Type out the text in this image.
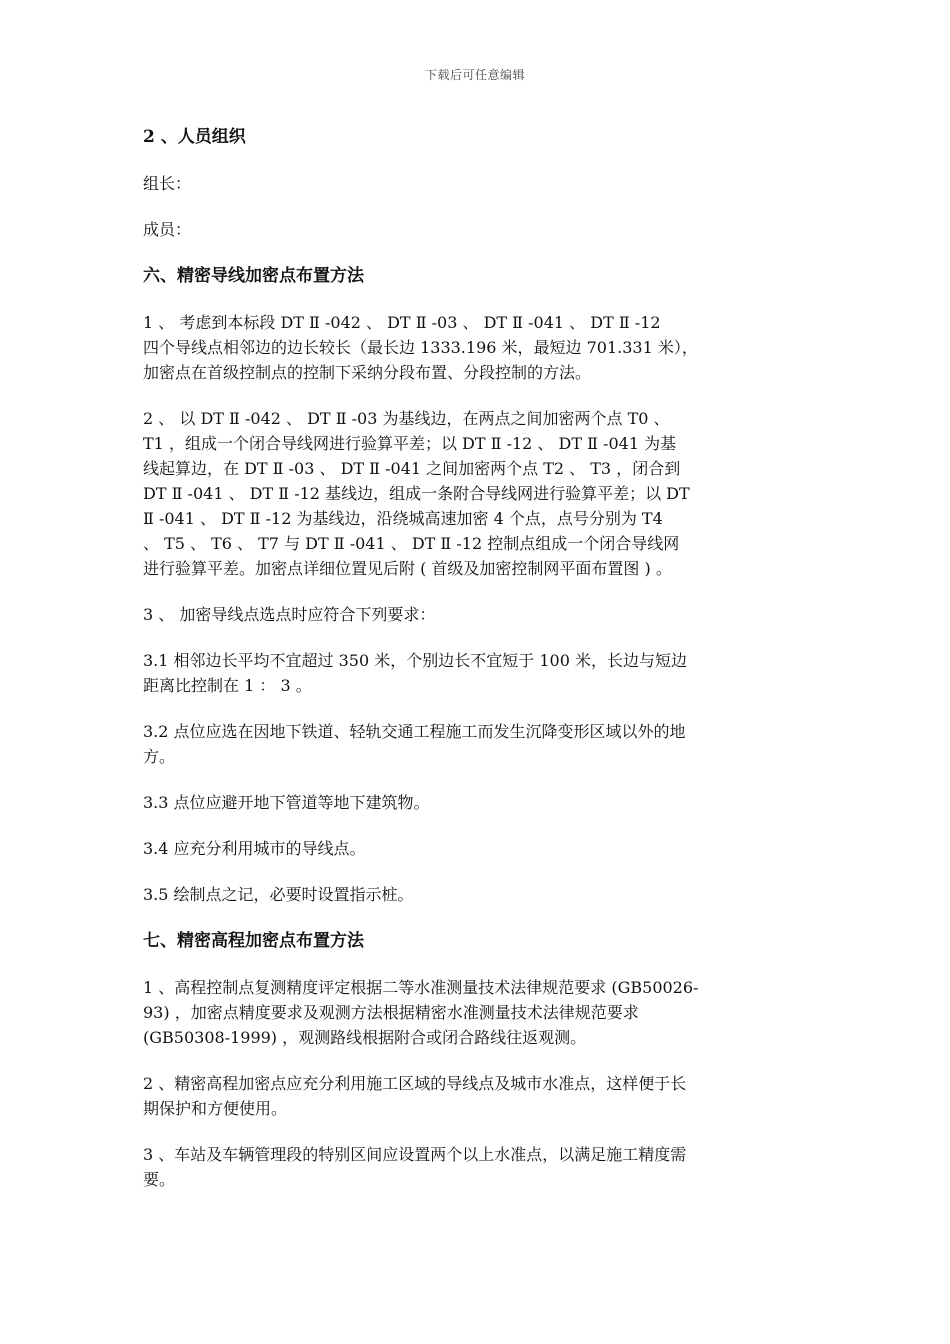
下载后可任意编辑
2 、人员组织
组长：
成员：
六、精密导线加密点布置方法
1 、 考虑到本标段 DT Ⅱ -042 、 DT Ⅱ -03 、 DT Ⅱ -041 、 DT Ⅱ -12
四个导线点相邻边的边长较长（最长边 1333.196 米，最短边 701.331 米），
加密点在首级控制点的控制下采纳分段布置、分段控制的方法。
2 、 以 DT Ⅱ -042 、 DT Ⅱ -03 为基线边，在两点之间加密两个点 T0 、
T1 ，组成一个闭合导线网进行验算平差；以 DT Ⅱ -12 、 DT Ⅱ -041 为基
线起算边，在 DT Ⅱ -03 、 DT Ⅱ -041 之间加密两个点 T2 、 T3 ，闭合到
DT Ⅱ -041 、 DT Ⅱ -12 基线边，组成一条附合导线网进行验算平差；以 DT
Ⅱ -041 、 DT Ⅱ -12 为基线边，沿绕城高速加密 4 个点，点号分别为 T4
、 T5 、 T6 、 T7 与 DT Ⅱ -041 、 DT Ⅱ -12 控制点组成一个闭合导线网
进行验算平差。加密点详细位置见后附 ( 首级及加密控制网平面布置图 ) 。
3 、 加密导线点选点时应符合下列要求：
3.1 相邻边长平均不宜超过 350 米，个别边长不宜短于 100 米，长边与短边
距离比控制在 1 ： 3 。
3.2 点位应选在因地下铁道、轻轨交通工程施工而发生沉降变形区域以外的地
方。
3.3 点位应避开地下管道等地下建筑物。
3.4 应充分利用城市的导线点。
3.5 绘制点之记，必要时设置指示桩。
七、精密高程加密点布置方法
1 、高程控制点复测精度评定根据二等水准测量技术法律规范要求 (GB50026-
93) ，加密点精度要求及观测方法根据精密水准测量技术法律规范要求
(GB50308-1999) ，观测路线根据附合或闭合路线往返观测。
2 、精密高程加密点应充分利用施工区域的导线点及城市水准点，这样便于长
期保护和方便使用。
3 、车站及车辆管理段的特别区间应设置两个以上水准点，以满足施工精度需
要。
